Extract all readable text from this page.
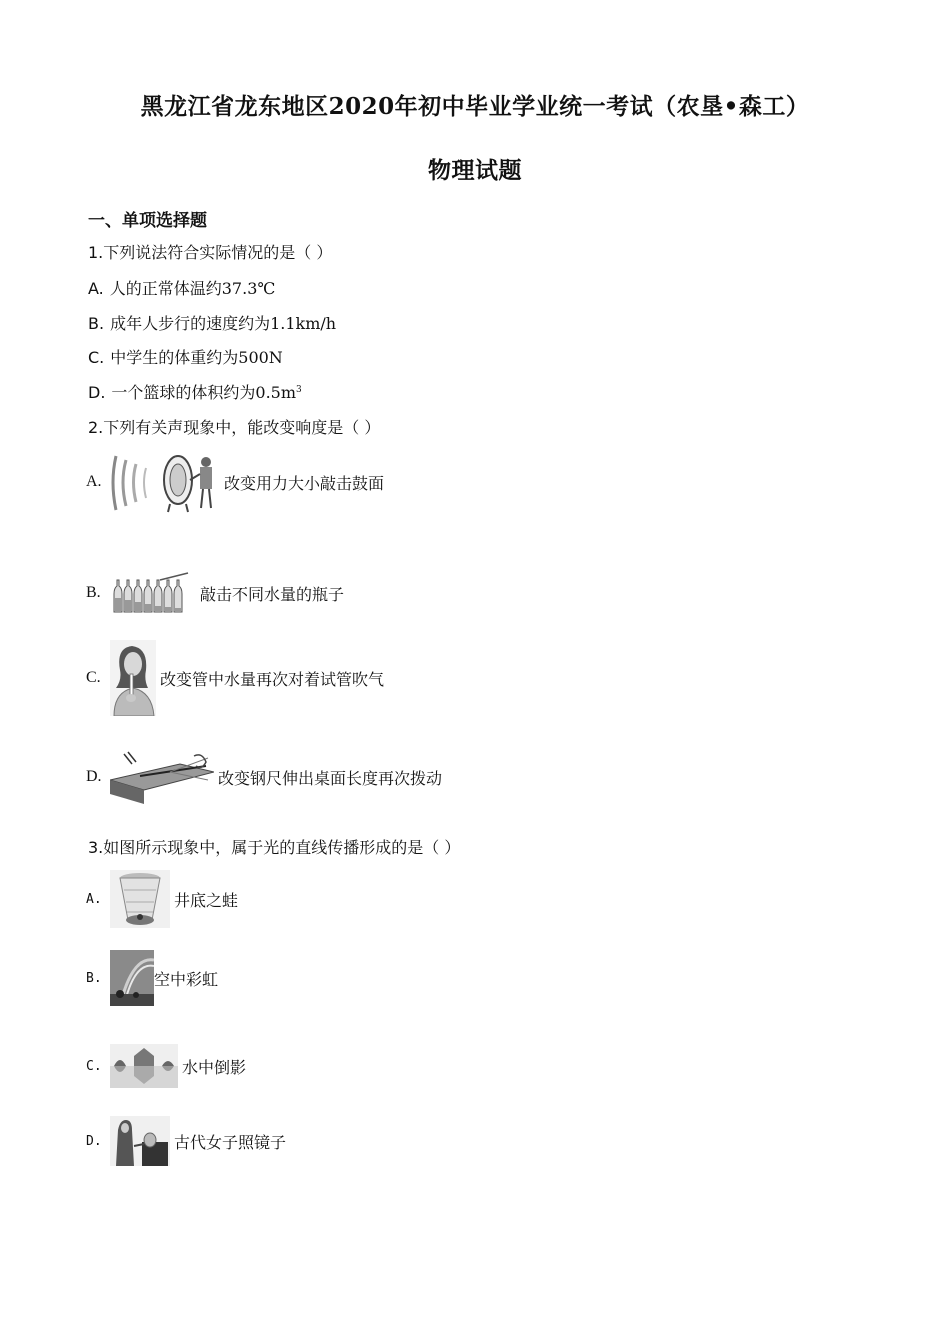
黑龙江省龙东地区2020年初中毕业学业统一考试（农垦•森工）
物理试题
一、单项选择题
1.下列说法符合实际情况的是（ ）
A. 人的正常体温约37.3℃
B. 成年人步行的速度约为1.1km/h
C. 中学生的体重约为500N
D. 一个篮球的体积约为$0.5m^3$
2.下列有关声现象中，能改变响度是（ ）
A.	改变用力大小敲击鼓面
B.	敲击不同水量的瓶子
C.	改变管中水量再次对着试管吹气
D.	改变钢尺伸出桌面长度再次拨动
3.如图所示现象中，属于光的直线传播形成的是（ ）
A.	井底之蛙
B.	空中彩虹
C.	水中倒影
D.	古代女子照镜子
